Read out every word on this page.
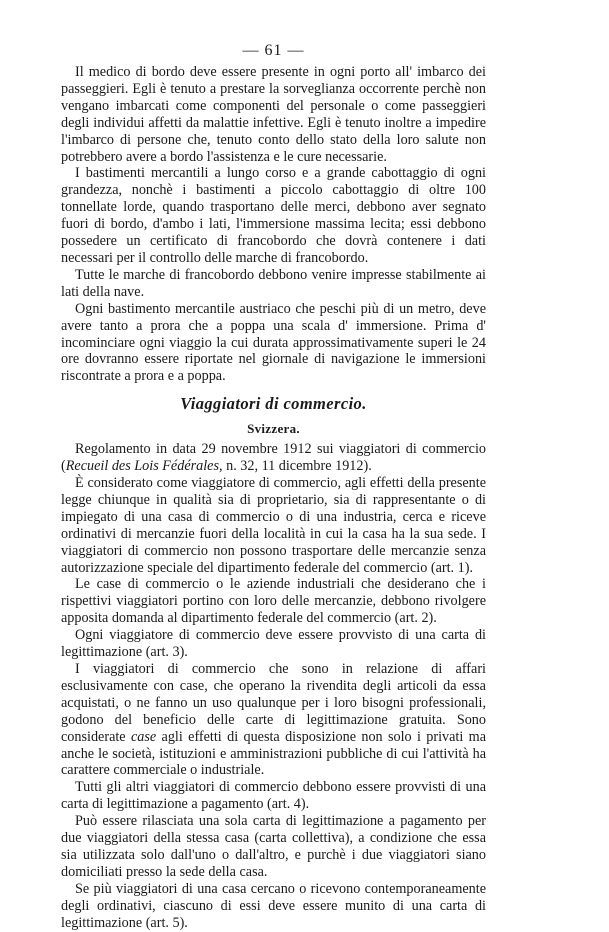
— 61 —

Il medico di bordo deve essere presente in ogni porto all' imbarco dei passeggieri. Egli è tenuto a prestare la sorveglianza occorrente perchè non vengano imbarcati come componenti del personale o come passeggieri degli individui affetti da malattie infettive. Egli è tenuto inoltre a impedire l'imbarco di persone che, tenuto conto dello stato della loro salute non potrebbero avere a bordo l'assistenza e le cure necessarie.

I bastimenti mercantili a lungo corso e a grande cabottaggio di ogni grandezza, nonchè i bastimenti a piccolo cabottaggio di oltre 100 tonnellate lorde, quando trasportano delle merci, debbono aver segnato fuori di bordo, d'ambo i lati, l'immersione massima lecita; essi debbono possedere un certificato di francobordo che dovrà contenere i dati necessari per il controllo delle marche di francobordo.

Tutte le marche di francobordo debbono venire impresse stabilmente ai lati della nave.

Ogni bastimento mercantile austriaco che peschi più di un metro, deve avere tanto a prora che a poppa una scala d' immersione. Prima d' incominciare ogni viaggio la cui durata approssimativamente superi le 24 ore dovranno essere riportate nel giornale di navigazione le immersioni riscontrate a prora e a poppa.

Viaggiatori di commercio.
Svizzera.

Regolamento in data 29 novembre 1912 sui viaggiatori di commercio (Recueil des Lois Fédérales, n. 32, 11 dicembre 1912).

È considerato come viaggiatore di commercio, agli effetti della presente legge chiunque in qualità sia di proprietario, sia di rappresentante o di impiegato di una casa di commercio o di una industria, cerca e riceve ordinativi di mercanzie fuori della località in cui la casa ha la sua sede. I viaggiatori di commercio non possono trasportare delle mercanzie senza autorizzazione speciale del dipartimento federale del commercio (art. 1).

Le case di commercio o le aziende industriali che desiderano che i rispettivi viaggiatori portino con loro delle mercanzie, debbono rivolgere apposita domanda al dipartimento federale del commercio (art. 2).

Ogni viaggiatore di commercio deve essere provvisto di una carta di legittimazione (art. 3).

I viaggiatori di commercio che sono in relazione di affari esclusivamente con case, che operano la rivendita degli articoli da essa acquistati, o ne fanno un uso qualunque per i loro bisogni professionali, godono del beneficio delle carte di legittimazione gratuita. Sono considerate case agli effetti di questa disposizione non solo i privati ma anche le società, istituzioni e amministrazioni pubbliche di cui l'attività ha carattere commerciale o industriale.

Tutti gli altri viaggiatori di commercio debbono essere provvisti di una carta di legittimazione a pagamento (art. 4).

Può essere rilasciata una sola carta di legittimazione a pagamento per due viaggiatori della stessa casa (carta collettiva), a condizione che essa sia utilizzata solo dall'uno o dall'altro, e purchè i due viaggiatori siano domiciliati presso la sede della casa.

Se più viaggiatori di una casa cercano o ricevono contemporaneamente degli ordinativi, ciascuno di essi deve essere munito di una carta di legittimazione (art. 5).
